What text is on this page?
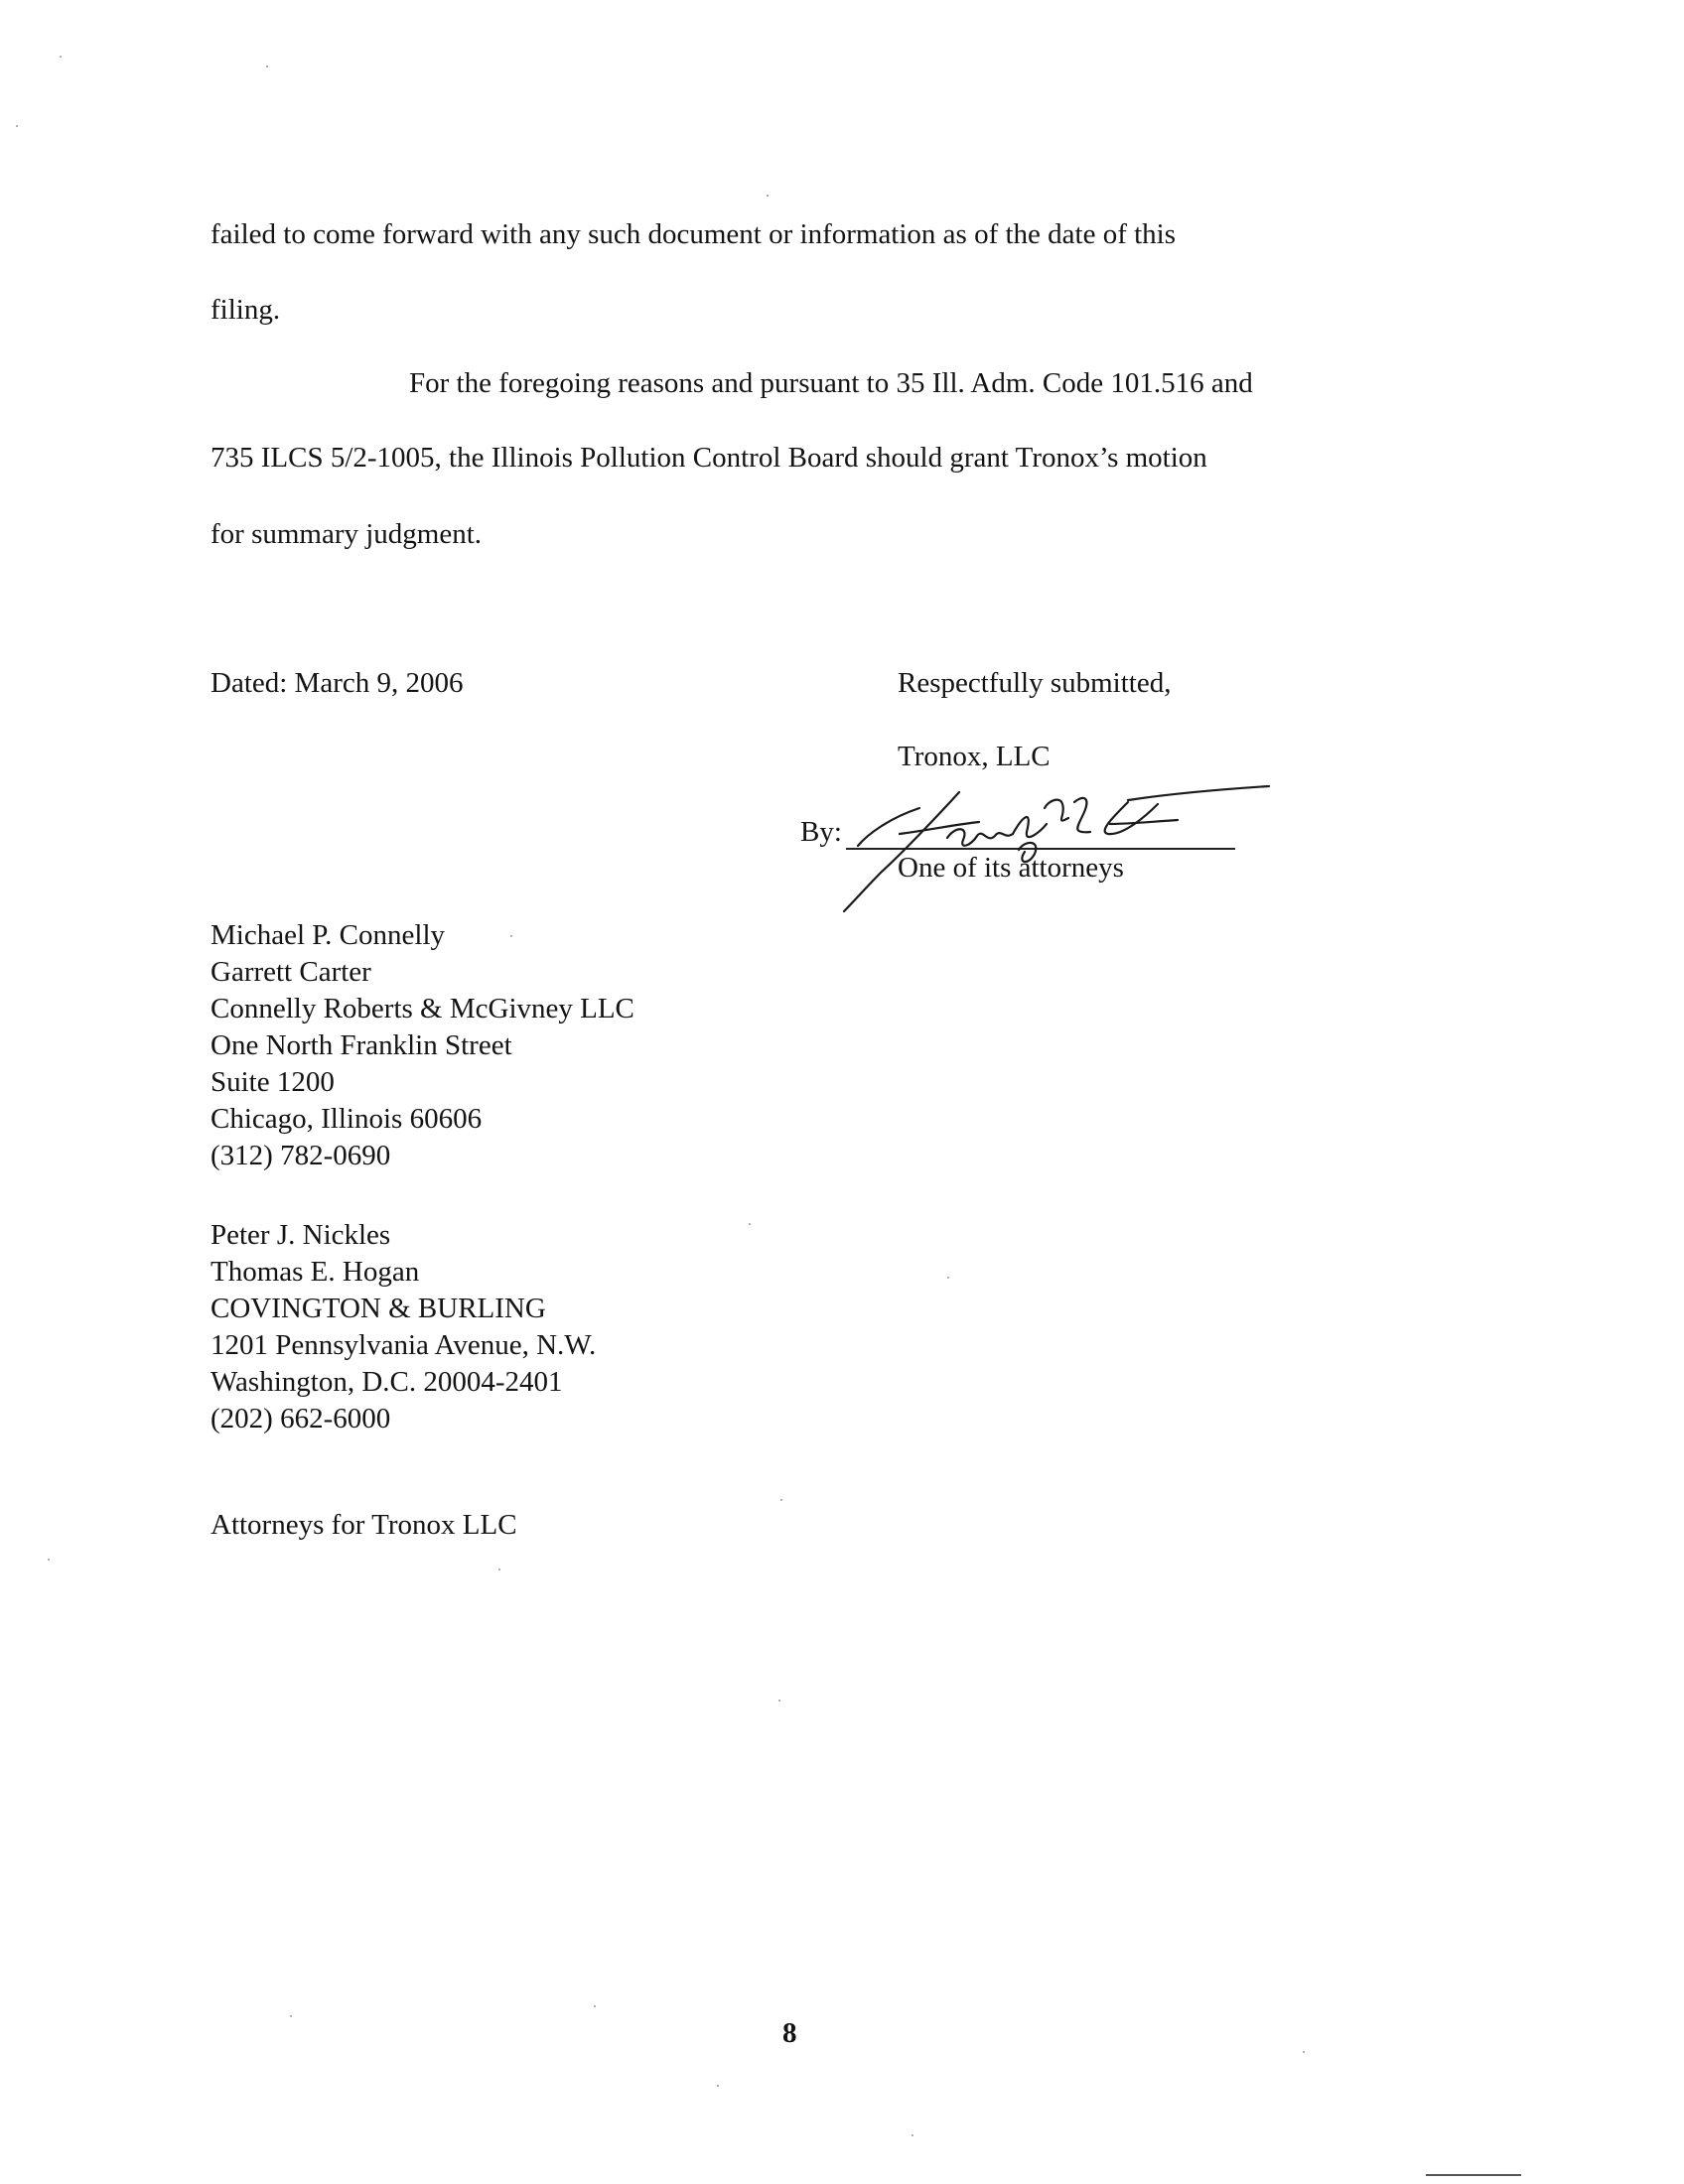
failed to come forward with any such document or information as of the date of this
filing.
For the foregoing reasons and pursuant to 35 Ill. Adm. Code 101.516 and
735 ILCS 5/2-1005, the Illinois Pollution Control Board should grant Tronox’s motion
for summary judgment.
Dated: March 9, 2006	Respectfully submitted,
Tronox, LLC
By:
One of its attorneys
Michael P. Connelly
Garrett Carter
Connelly Roberts & McGivney LLC
One North Franklin Street
Suite 1200
Chicago, Illinois 60606
(312) 782-0690
Peter J. Nickles
Thomas E. Hogan
COVINGTON & BURLING
1201 Pennsylvania Avenue, N.W.
Washington, D.C. 20004-2401
(202) 662-6000
Attorneys for Tronox LLC
8
